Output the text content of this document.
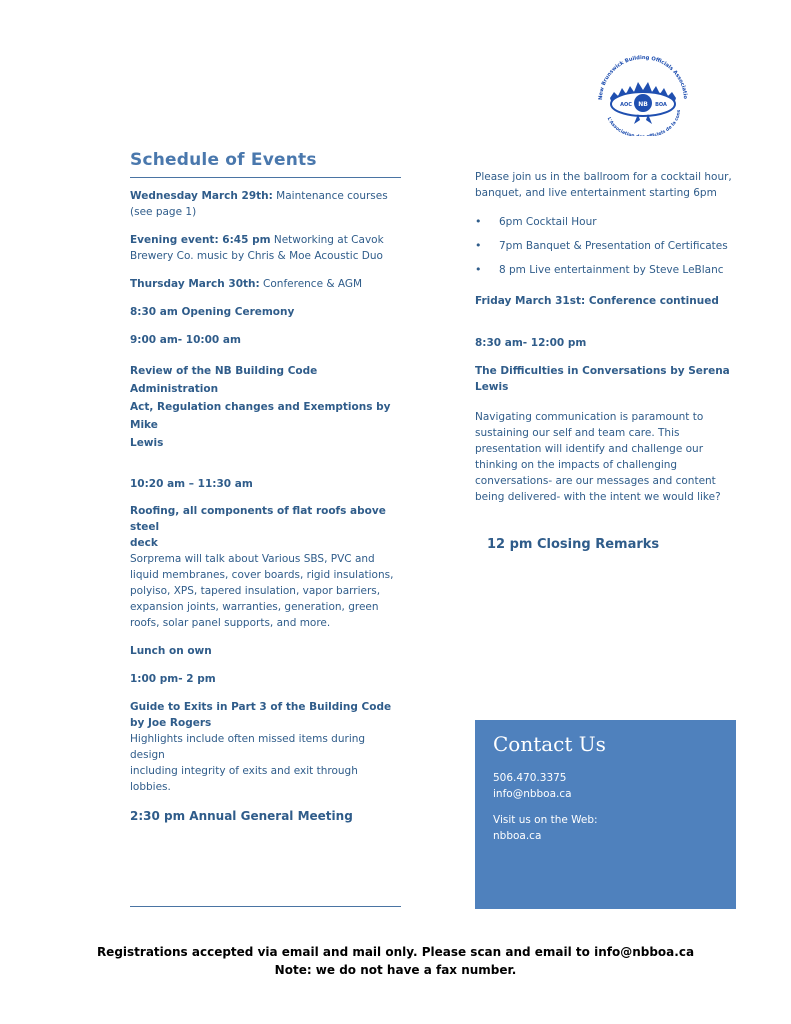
New Brunswick Building Officials Associatio
NB
AOC	BOA
L'Associatio ciels de la cons
Schedule of Events
Wednesday March 29th: Maintenance courses
(see page 1)
Evening event: 6:45 pm Networking at Cavok
Brewery Co. music by Chris & Moe Acoustic Duo
Thursday March 30th: Conference & AGM
8:30 am Opening Ceremony
9:00 am- 10:00 am
Review of the NB Building Code Administration
Act, Regulation changes and Exemptions by Mike
Lewis
10:20 am – 11:30 am
Roofing, all components of flat roofs above steel
deck
Sorprema will talk about Various SBS, PVC and
liquid membranes, cover boards, rigid insulations,
polyiso, XPS, tapered insulation, vapor barriers,
expansion joints, warranties, generation, green
roofs, solar panel supports, and more.
Lunch on own
1:00 pm- 2 pm
Guide to Exits in Part 3 of the Building Code
by Joe Rogers
Highlights include often missed items during design
including integrity of exits and exit through lobbies.
2:30 pm Annual General Meeting
Please join us in the ballroom for a cocktail hour,
banquet, and live entertainment starting 6pm
• 6pm Cocktail Hour
• 7pm Banquet & Presentation of Certificates
• 8 pm Live entertainment by Steve LeBlanc
Friday March 31st: Conference continued
8:30 am- 12:00 pm
The Difficulties in Conversations by Serena Lewis
Navigating communication is paramount to
sustaining our self and team care. This
presentation will identify and challenge our
thinking on the impacts of challenging
conversations- are our messages and content
being delivered- with the intent we would like?
12 pm Closing Remarks
Contact Us
506.470.3375
info@nbboa.ca
Visit us on the Web:
nbboa.ca
Registrations accepted via email and mail only. Please scan and email to info@nbboa.ca
Note: we do not have a fax number.
